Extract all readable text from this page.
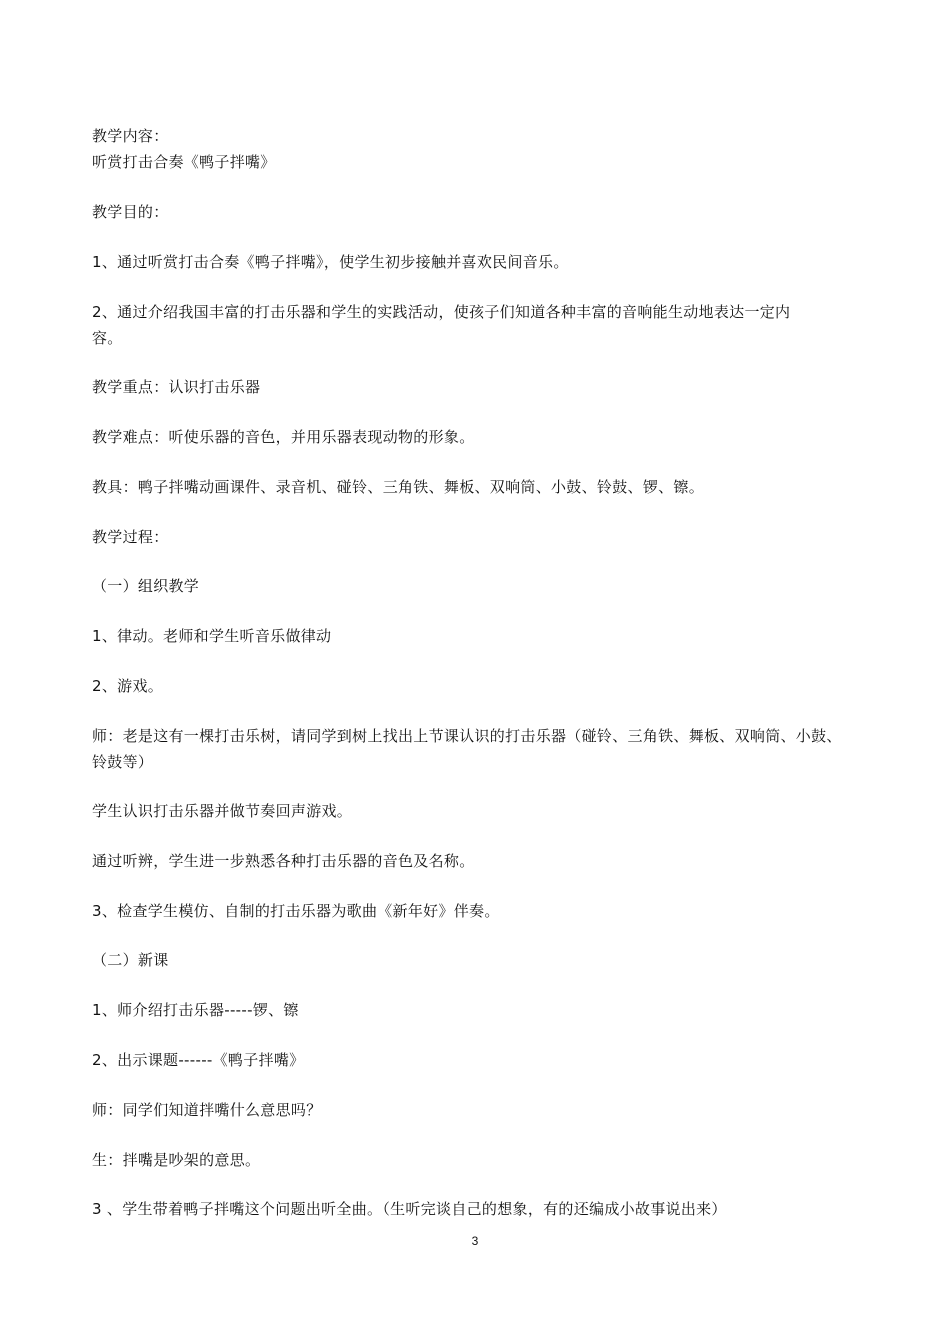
教学内容：
听赏打击合奏《鸭子拌嘴》
教学目的：
1、通过听赏打击合奏《鸭子拌嘴》，使学生初步接触并喜欢民间音乐。
2、通过介绍我国丰富的打击乐器和学生的实践活动，使孩子们知道各种丰富的音响能生动地表达一定内
容。
教学重点：认识打击乐器
教学难点：听使乐器的音色，并用乐器表现动物的形象。
教具：鸭子拌嘴动画课件、录音机、碰铃、三角铁、舞板、双响筒、小鼓、铃鼓、锣、镲。
教学过程：
（一）组织教学
1、律动。老师和学生听音乐做律动
2、游戏。
师：老是这有一棵打击乐树，请同学到树上找出上节课认识的打击乐器（碰铃、三角铁、舞板、双响筒、小鼓、
铃鼓等）
学生认识打击乐器并做节奏回声游戏。
通过听辨，学生进一步熟悉各种打击乐器的音色及名称。
3、检查学生模仿、自制的打击乐器为歌曲《新年好》伴奏。
（二）新课
1、师介绍打击乐器-----锣、镲
2、出示课题------《鸭子拌嘴》
师：同学们知道拌嘴什么意思吗？
生：拌嘴是吵架的意思。
3 、学生带着鸭子拌嘴这个问题出听全曲。（生听完谈自己的想象，有的还编成小故事说出来）
3
